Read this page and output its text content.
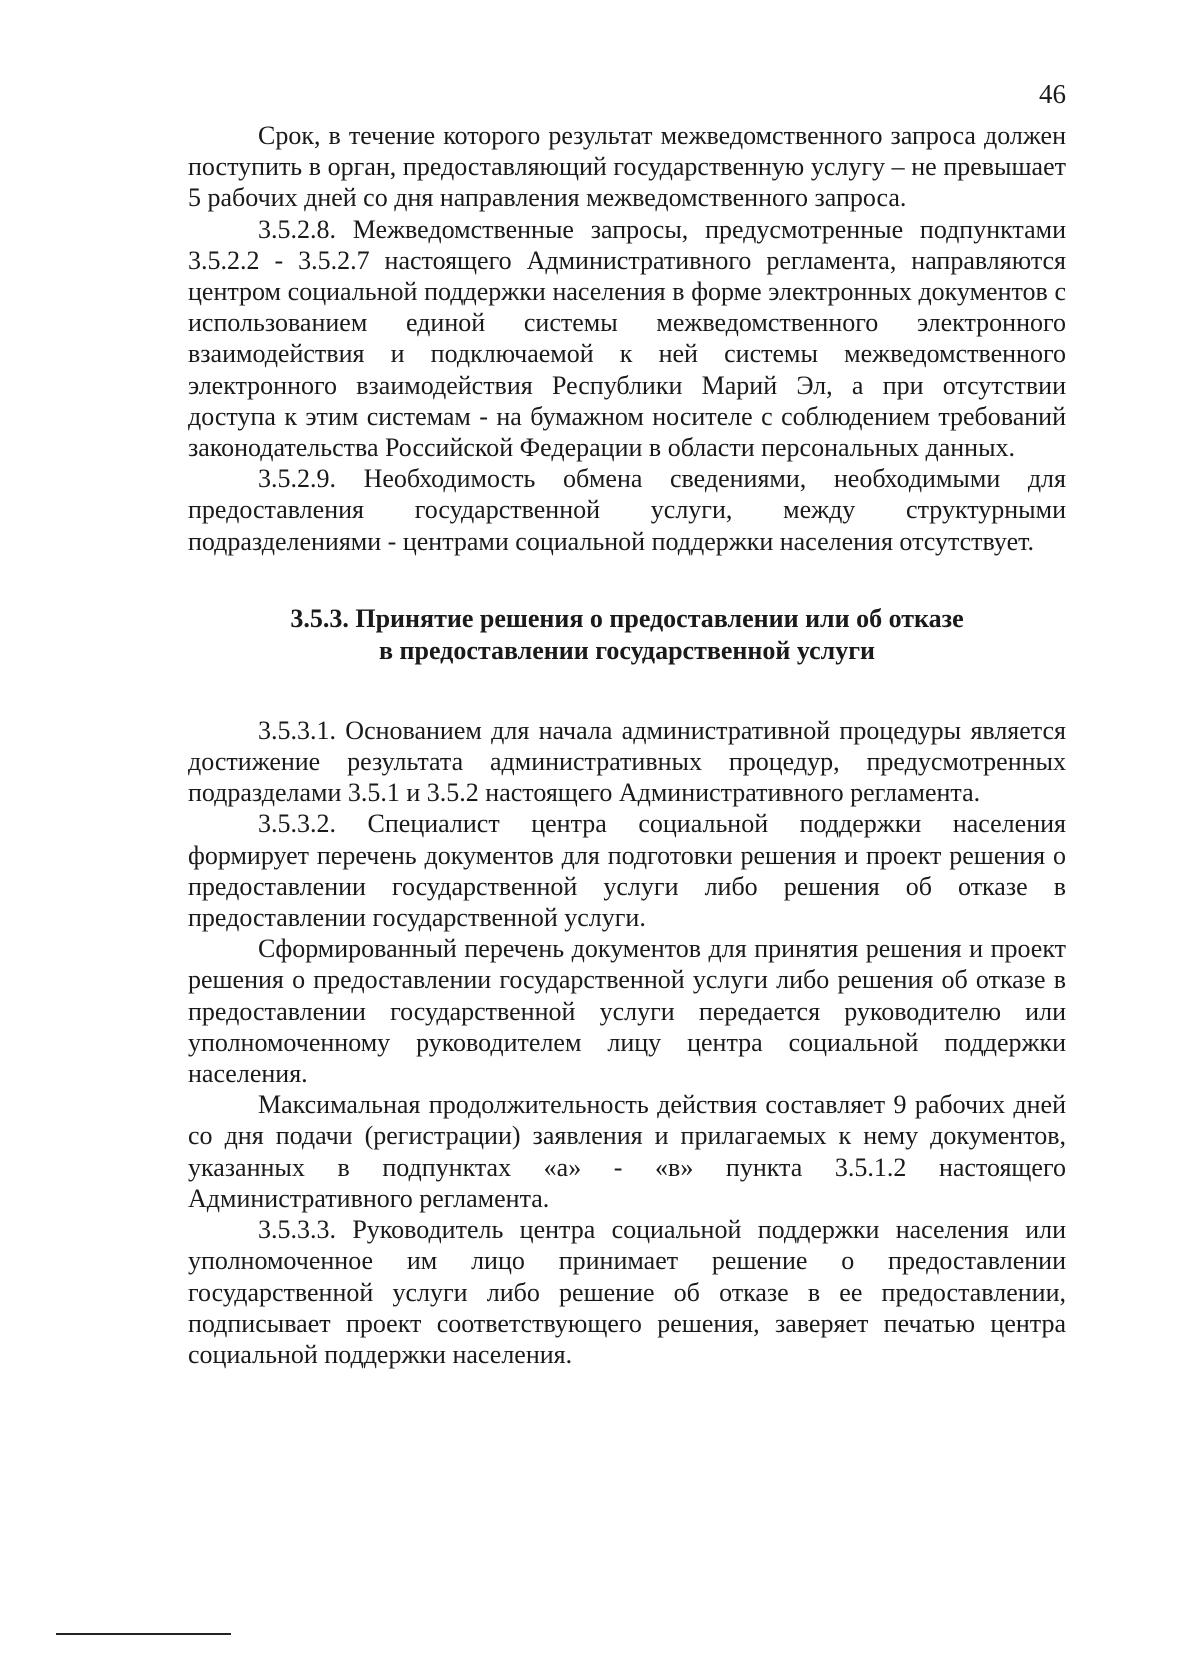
46

Срок, в течение которого результат межведомственного запроса должен поступить в орган, предоставляющий государственную услугу – не превышает 5 рабочих дней со дня направления межведомственного запроса.

3.5.2.8. Межведомственные запросы, предусмотренные подпунктами 3.5.2.2 - 3.5.2.7 настоящего Административного регламента, направляются центром социальной поддержки населения в форме электронных документов с использованием единой системы межведомственного электронного взаимодействия и подключаемой к ней системы межведомственного электронного взаимодействия Республики Марий Эл, а при отсутствии доступа к этим системам - на бумажном носителе с соблюдением требований законодательства Российской Федерации в области персональных данных.

3.5.2.9. Необходимость обмена сведениями, необходимыми для предоставления государственной услуги, между структурными подразделениями - центрами социальной поддержки населения отсутствует.

3.5.3. Принятие решения о предоставлении или об отказе
в предоставлении государственной услуги

3.5.3.1. Основанием для начала административной процедуры является достижение результата административных процедур, предусмотренных подразделами 3.5.1 и 3.5.2 настоящего Административного регламента.

3.5.3.2. Специалист центра социальной поддержки населения формирует перечень документов для подготовки решения и проект решения о предоставлении государственной услуги либо решения об отказе в предоставлении государственной услуги.

Сформированный перечень документов для принятия решения и проект решения о предоставлении государственной услуги либо решения об отказе в предоставлении государственной услуги передается руководителю или уполномоченному руководителем лицу центра социальной поддержки населения.

Максимальная продолжительность действия составляет 9 рабочих дней со дня подачи (регистрации) заявления и прилагаемых к нему документов, указанных в подпунктах «а» - «в» пункта 3.5.1.2 настоящего Административного регламента.

3.5.3.3. Руководитель центра социальной поддержки населения или уполномоченное им лицо принимает решение о предоставлении государственной услуги либо решение об отказе в ее предоставлении, подписывает проект соответствующего решения, заверяет печатью центра социальной поддержки населения.
